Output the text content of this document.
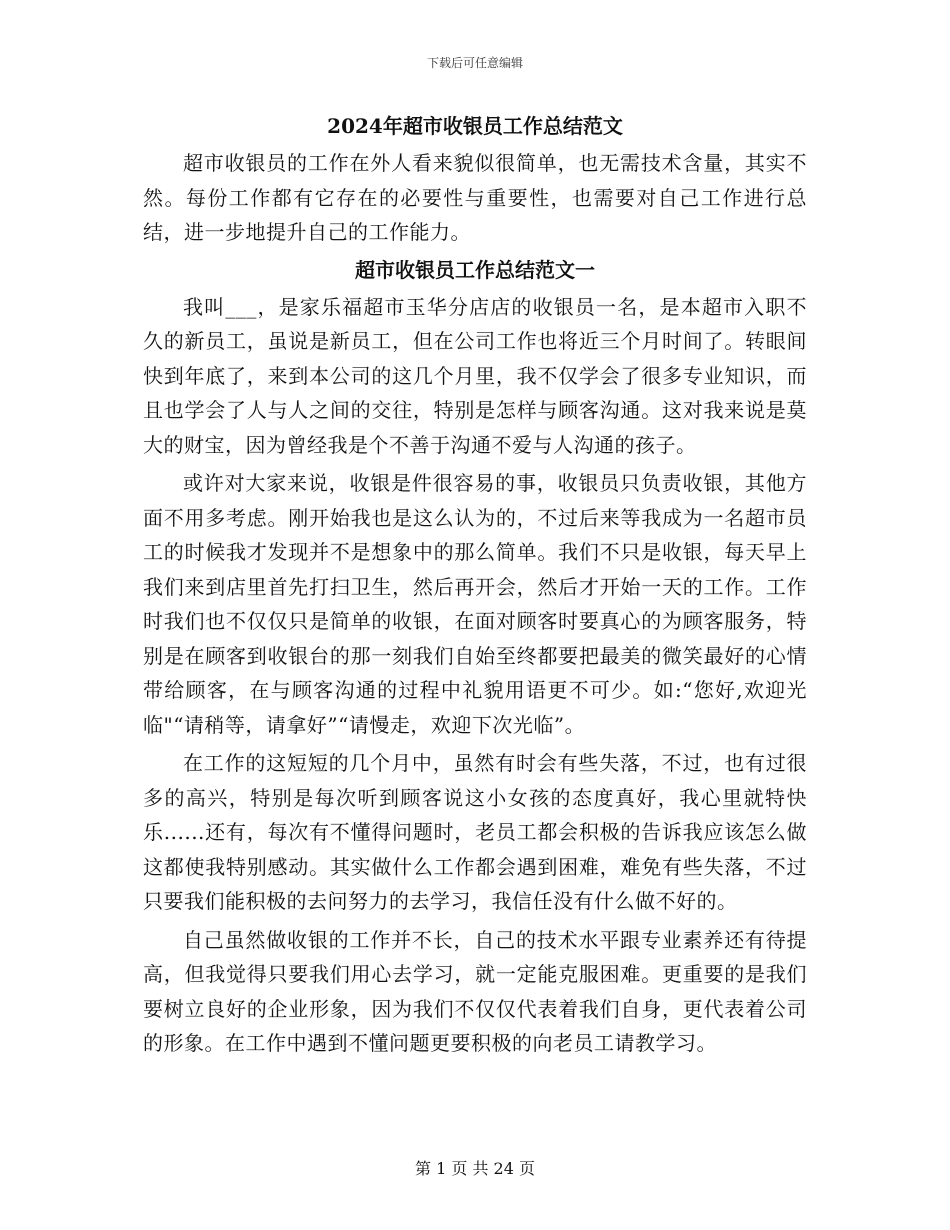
下载后可任意编辑
2024年超市收银员工作总结范文

超市收银员的工作在外人看来貌似很简单，也无需技术含量，其实不然。每份工作都有它存在的必要性与重要性，也需要对自己工作进行总结，进一步地提升自己的工作能力。

超市收银员工作总结范文一

我叫___，是家乐福超市玉华分店店的收银员一名，是本超市入职不久的新员工，虽说是新员工，但在公司工作也将近三个月时间了。转眼间快到年底了，来到本公司的这几个月里，我不仅学会了很多专业知识，而且也学会了人与人之间的交往，特别是怎样与顾客沟通。这对我来说是莫大的财宝，因为曾经我是个不善于沟通不爱与人沟通的孩子。

或许对大家来说，收银是件很容易的事，收银员只负责收银，其他方面不用多考虑。刚开始我也是这么认为的，不过后来等我成为一名超市员工的时候我才发现并不是想象中的那么简单。我们不只是收银，每天早上我们来到店里首先打扫卫生，然后再开会，然后才开始一天的工作。工作时我们也不仅仅只是简单的收银，在面对顾客时要真心的为顾客服务，特别是在顾客到收银台的那一刻我们自始至终都要把最美的微笑最好的心情带给顾客，在与顾客沟通的过程中礼貌用语更不可少。如:“您好,欢迎光临"“请稍等，请拿好”“请慢走，欢迎下次光临”。

在工作的这短短的几个月中，虽然有时会有些失落，不过，也有过很多的高兴，特别是每次听到顾客说这小女孩的态度真好，我心里就特快乐......还有，每次有不懂得问题时，老员工都会积极的告诉我应该怎么做这都使我特别感动。其实做什么工作都会遇到困难，难免有些失落，不过只要我们能积极的去问努力的去学习，我信任没有什么做不好的。

自己虽然做收银的工作并不长，自己的技术水平跟专业素养还有待提高，但我觉得只要我们用心去学习，就一定能克服困难。更重要的是我们要树立良好的企业形象，因为我们不仅仅代表着我们自身，更代表着公司的形象。在工作中遇到不懂问题更要积极的向老员工请教学习。

第 1 页 共 24 页
